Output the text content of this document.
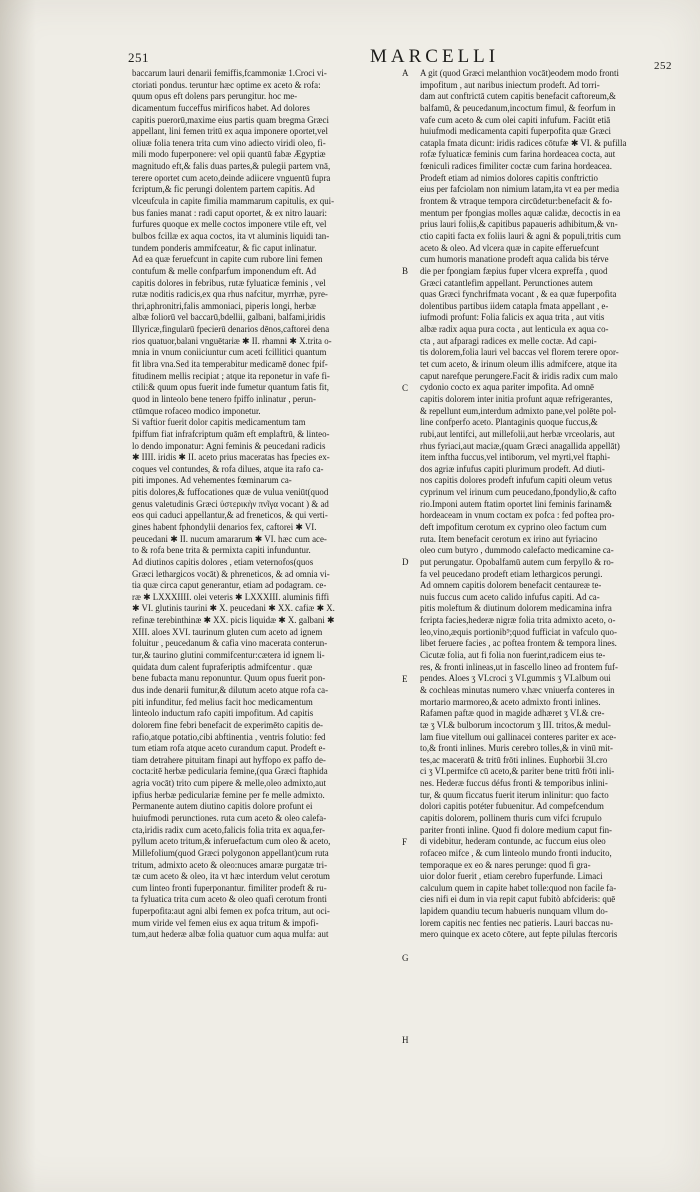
251	MARCELLI	252
baccarum lauri denarii femiffis,fcammoniæ 1.Croci vi-
ctoriati pondus. teruntur hæc optime ex aceto & rofa:
quum opus eft dolens pars perungitur. hoc me-
dicamentum fucceffus mirificos habet. Ad dolores
capitis puerorū,maxime eius partis quam bregma Græci
appellant, lini femen tritū ex aqua imponere oportet,vel
oliuæ folia tenera trita cum vino adiecto viridi oleo, fi-
mili modo fuperponere: vel opii quantū fabæ Ægyptiæ
magnitudo eft,& falis duas partes,& pulegii partem vnā,
terere oportet cum aceto,deinde adiicere vnguentū fupra
fcriptum,& fic perungi dolentem partem capitis. Ad
vlceufcula in capite fimilia mammarum capitulis, ex qui-
bus fanies manat : radi caput oportet, & ex nitro lauari:
furfures quoque ex melle coctos imponere vtile eft, vel
bulbos fcillæ ex aqua coctos, ita vt aluminis liquidi tan-
tundem ponderis ammifceatur, & fic caput inlinatur.
Ad ea quæ feruefcunt in capite cum rubore lini femen
contufum & melle confparfum imponendum eft. Ad
capitis dolores in febribus, rutæ fyluaticæ feminis , vel
rutæ noditis radicis,ex qua rhus nafcitur, myrrhæ, pyre-
thri,aphronitri,falis ammoniaci, piperis longi, herbæ
albæ foliorū vel baccarū,bdellii, galbani, balfami,iridis
Illyricæ,fingularū fpecierū denarios dēnos,caftorei dena
rios quatuor,balani vnguētariæ ✱ II. rhamni ✱ X.trita o-
mnia in vnum coniiciuntur cum aceti fcillitici quantum
fit libra vna.Sed ita temperabitur medicamē donec fpif-
fitudinem mellis recipiat ; atque ita reponetur in vafe fi-
ctili:& quum opus fuerit inde fumetur quantum fatis fit,
quod in linteolo bene tenero fpiffo inlinatur , perun-
ctūmque rofaceo modico imponetur.
Si vaftior fuerit dolor capitis medicamentum tam
fpiffum fiat infrafcriptum quām eft emplaftrū, & linteo-
lo dendo imponatur: Agni feminis & peucedani radicis
✱ IIII. iridis ✱ II. aceto prius maceratas has fpecies ex-
coques vel contundes, & rofa dilues, atque ita rafo ca-
piti impones. Ad vehementes fœminarum ca-
pitis dolores,& fuffocationes quæ de vulua veniūt(quod
genus valetudinis Græci ὑστερικὴν πνῖγα vocant ) & ad
eos qui caduci appellantur,& ad freneticos, & qui verti-
gines habent fphondylii denarios fex, caftorei ✱ VI.
peucedani ✱ II. nucum amararum ✱ VI. hæc cum ace-
to & rofa bene trita & permixta capiti infunduntur.
Ad diutinos capitis dolores , etiam veternofos(quos
Græci lethargicos vocāt) & phreneticos, & ad omnia vi-
tia quæ circa caput generantur, etiam ad podagram. ce-
ræ ✱ LXXXIIII. olei veteris ✱ LXXXIII. aluminis fiffi
✱ VI. glutinis taurini ✱ X. peucedani ✱ XX. cafiæ ✱ X.
refinæ terebinthinæ ✱ XX. picis liquidæ ✱ X. galbani ✱
XIII. aloes XVI. taurinum gluten cum aceto ad ignem
foluitur , peucedanum & cafia vino macerata conterun-
tur,& taurino glutini commifcentur:cætera id ignem li-
quidata dum calent fupraferiptis admifcentur . quæ
bene fubacta manu reponuntur. Quum opus fuerit pon-
dus inde denarii fumitur,& dilutum aceto atque rofa ca-
piti infunditur, fed melius facit hoc medicamentum
linteolo inductum rafo capiti impofitum. Ad capitis
dolorem fine febri benefacit de experimēto capitis de-
rafio,atque potatio,cibi abftinentia , ventris folutio: fed
tum etiam rofa atque aceto curandum caput. Prodeft e-
tiam detrahere pituitam finapi aut hyffopo ex paffo de-
cocta:itē herbæ pedicularia femine,(qua Græci ftaphida
agria vocāt) trito cum pipere & melle,oleo admixto,aut
ipfius herbæ pediculariæ femine per fe melle admixto.
Permanente autem diutino capitis dolore profunt ei
huiufmodi perunctiones. ruta cum aceto & oleo calefa-
cta,iridis radix cum aceto,falicis folia trita ex aqua,fer-
pyllum aceto tritum,& inferuefactum cum oleo & aceto,
Millefolium(quod Græci polygonon appellant)cum ruta
tritum, admixto aceto & oleo:nuces amaræ purgatæ tri-
tæ cum aceto & oleo, ita vt hæc interdum velut cerotum
cum linteo fronti fuperponantur. fimiliter prodeft & ru-
ta fyluatica trita cum aceto & oleo quafi cerotum fronti
fuperpofita:aut agni albi femen ex pofca tritum, aut oci-
mum viride vel femen eius ex aqua tritum & impofi-
tum,aut hederæ albæ folia quatuor cum aqua mulfa: aut
A git (quod Græci melanthion vocāt)eodem modo fronti
impofitum , aut naribus iniectum prodeft. Ad torri-
dam aut conftrictā cutem capitis benefacit caftoreum,&
balfamū, & peucedanum,incoctum fimul, & feorfum in
vafe cum aceto & cum olei capiti infufum. Faciūt etiā
huiufmodi medicamenta capiti fuperpofita quæ Græci
catapla fmata dicunt: iridis radices cōtufæ ✱ VI. & pufilla
rofæ fyluaticæ feminis cum farina hordeacea cocta, aut
fœniculi radices fimiliter coctæ cum farina hordeacea.
Prodeft etiam ad nimios dolores capitis conftrictio
eius per fafciolam non nimium latam,ita vt ea per media
frontem & vtraque tempora circūdetur:benefacit & fo-
mentum per fpongias molles aquæ calidæ, decoctis in ea
prius lauri foliis,& capitibus papaueris adhibitum,& vn-
ctio capiti facta ex foliis lauri & agni & populi,tritis cum
aceto & oleo. Ad vlcera quæ in capite efferuefcunt
cum humoris manatione prodeft aqua calida bis térve
die per fpongiam fæpius fuper vlcera expreffa , quod
Græci catantlefim appellant. Perunctiones autem
quas Græci fynchrifmata vocant , & ea quæ fuperpofita
dolentibus partibus iidem catapla fmata appellant , e-
iufmodi profunt: Folia falicis ex aqua trita , aut vitis
albæ radix aqua pura cocta , aut lenticula ex aqua co-
cta , aut afparagi radices ex melle coctæ. Ad capi-
tis dolorem,folia lauri vel baccas vel florem terere opor-
tet cum aceto, & irinum oleum illis admifcere, atque ita
caput narefque perungere.Facit & iridis radix cum malo
cydonio cocto ex aqua pariter impofita. Ad omnē
capitis dolorem inter initia profunt aquæ refrigerantes,
& repellunt eum,interdum admixto pane,vel polēte pol-
line confperfo aceto. Plantaginis quoque fuccus,&
rubi,aut lentifci, aut millefolii,aut herbæ vrceolaris, aut
rhus fyriaci,aut maciæ,(quam Græci anagallida appellāt)
item inftha fuccus,vel intiborum, vel myrti,vel ftaphi-
dos agriæ infufus capiti plurimum prodeft. Ad diuti-
nos capitis dolores prodeft infufum capiti oleum vetus
cyprinum vel irinum cum peucedano,fpondylio,& cafto
rio.Imponi autem ftatim oportet lini feminis farinam&
hordeaceam in vnum coctam ex pofca : fed poftea pro-
deft impofitum cerotum ex cyprino oleo factum cum
ruta. Item benefacit cerotum ex irino aut fyriacino
oleo cum butyro , dummodo calefacto medicamine ca-
put perungatur. Opobalfamū autem cum ferpyllo & ro-
fa vel peucedano prodeft etiam lethargicos perungi.
Ad omnem capitis dolorem benefacit centaureæ te-
nuis fuccus cum aceto calido infufus capiti. Ad ca-
pitis moleftum & diutinum dolorem medicamina infra
fcripta facies,hederæ nigræ folia trita admixto aceto, o-
leo,vino,æquis portionib⁹;quod fufficiat in vafculo quo-
libet feruere facies , ac poftea frontem & tempora lines.
Cicutæ folia, aut fi folia non fuerint,radicem eius te-
res, & fronti inlineas,ut in fascello lineo ad frontem fuf-
pendes. Aloes ʒ VI.croci ʒ VI.gummis ʒ VI.album oui
& cochleas minutas numero v.hæc vniuerfa conteres in
mortario marmoreo,& aceto admixto fronti inlines.
Rafamen paftæ quod in magide adhæret ʒ VI.& cre-
tæ ʒ VI.& bulborum incoctorum ʒ III. tritos,& medul-
lam fiue vitellum oui gallinacei conteres pariter ex ace-
to,& fronti inlines. Muris cerebro tolles,& in vinū mit-
tes,ac maceratū & tritū frōti inlines. Euphorbii 3I.cro
ci ʒ VI.permifce cū aceto,& pariter bene tritū frōti inli-
nes. Hederæ fuccus défus fronti & temporibus inlini-
tur, & quum ficcatus fuerit iterum inlinitur: quo facto
dolori capitis potéter fubuenitur. Ad compefcendum
capitis dolorem, pollinem thuris cum vifci fcrupulo
pariter fronti inline. Quod fi dolore medium caput fin-
di videbitur, hederam contunde, ac fuccum eius oleo
rofaceo mifce , & cum linteolo mundo fronti inducito,
temporaque ex eo & nares perunge: quod fi gra-
uior dolor fuerit , etiam cerebro fuperfunde. Limaci
calculum quem in capite habet tolle:quod non facile fa-
cies nifi ei dum in via repit caput fubitò abfcideris: quē
lapidem quandiu tecum habueris nunquam vllum do-
lorem capitis nec fenties nec patieris. Lauri baccas nu-
mero quinque ex aceto cōtere, aut fepte pilulas ftercoris
A
B
C
D
E
F
G
H
